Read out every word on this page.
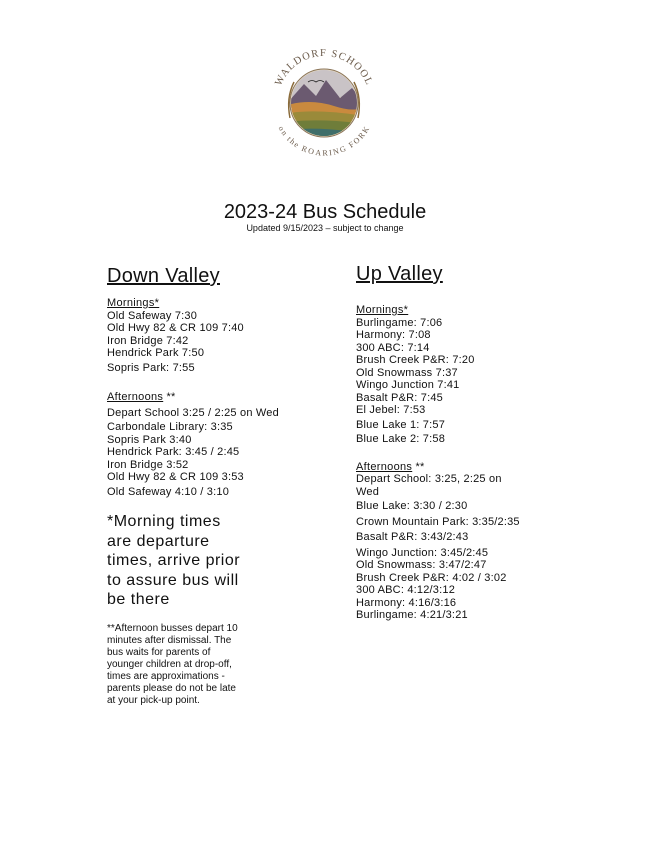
WALDORF SCHOOL
on the ROARING FORK
2023-24 Bus Schedule
Updated 9/15/2023 – subject to change
Down Valley
Mornings*
Old Safeway 7:30
Old Hwy 82 & CR 109 7:40
Iron Bridge 7:42
Hendrick Park 7:50
Sopris Park: 7:55
Afternoons **
Depart School 3:25 / 2:25 on Wed
Carbondale Library: 3:35
Sopris Park 3:40
Hendrick Park: 3:45 / 2:45
Iron Bridge 3:52
Old Hwy 82 & CR 109 3:53
Old Safeway 4:10 / 3:10
*Morning times
are departure
times, arrive prior
to assure bus will
be there
**Afternoon busses depart 10
minutes after dismissal. The
bus waits for parents of
younger children at drop-off,
times are approximations -
parents please do not be late
at your pick-up point.
Up Valley
Mornings*
Burlingame: 7:06
Harmony: 7:08
300 ABC: 7:14
Brush Creek P&R: 7:20
Old Snowmass 7:37
Wingo Junction 7:41
Basalt P&R: 7:45
El Jebel: 7:53
Blue Lake 1: 7:57
Blue Lake 2: 7:58
Afternoons **
Depart School: 3:25, 2:25 on
Wed
Blue Lake: 3:30 / 2:30
Crown Mountain Park: 3:35/2:35
Basalt P&R: 3:43/2:43
Wingo Junction: 3:45/2:45
Old Snowmass: 3:47/2:47
Brush Creek P&R: 4:02 / 3:02
300 ABC: 4:12/3:12
Harmony: 4:16/3:16
Burlingame: 4:21/3:21
